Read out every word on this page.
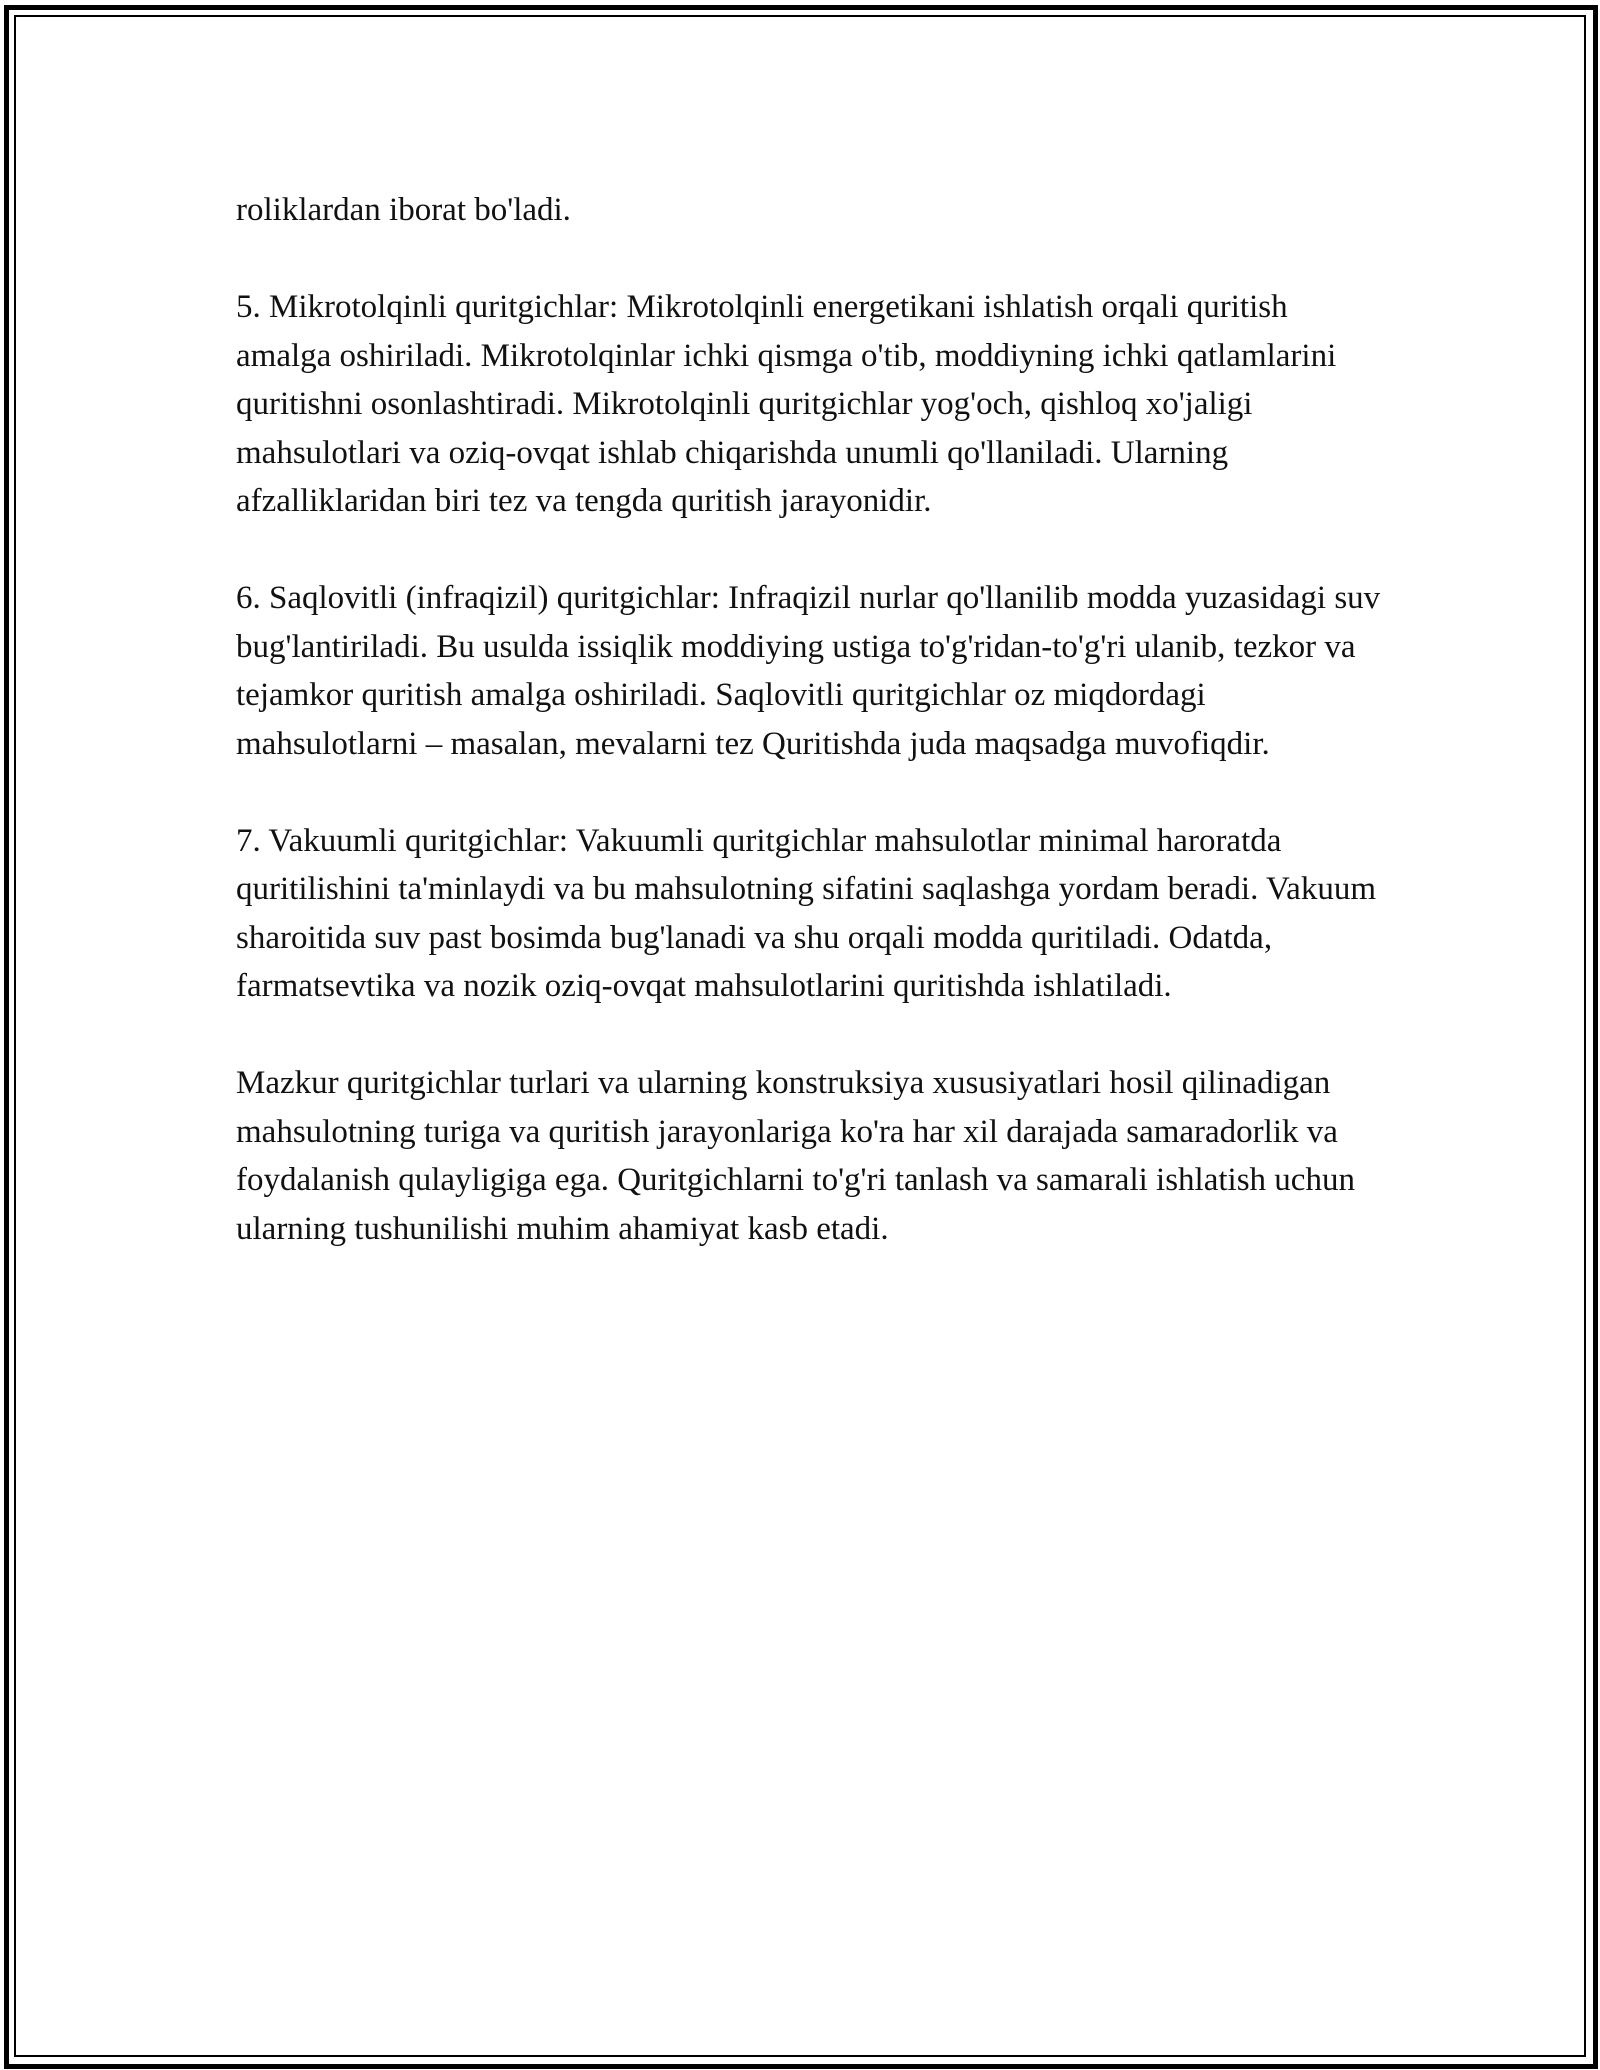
roliklardan iborat bo'ladi.

5. Mikrotolqinli quritgichlar: Mikrotolqinli energetikani ishlatish orqali quritish amalga oshiriladi. Mikrotolqinlar ichki qismga o'tib, moddiyning ichki qatlamlarini quritishni osonlashtiradi. Mikrotolqinli quritgichlar yog'och, qishloq xo'jaligi mahsulotlari va oziq-ovqat ishlab chiqarishda unumli qo'llaniladi. Ularning afzalliklaridan biri tez va tengda quritish jarayonidir.

6. Saqlovitli (infraqizil) quritgichlar: Infraqizil nurlar qo'llanilib modda yuzasidagi suv bug'lantiriladi. Bu usulda issiqlik moddiying ustiga to'g'ridan-to'g'ri ulanib, tezkor va tejamkor quritish amalga oshiriladi. Saqlovitli quritgichlar oz miqdordagi mahsulotlarni – masalan, mevalarni tez Quritishda juda maqsadga muvofiqdir.

7. Vakuumli quritgichlar: Vakuumli quritgichlar mahsulotlar minimal haroratda quritilishini ta'minlaydi va bu mahsulotning sifatini saqlashga yordam beradi. Vakuum sharoitida suv past bosimda bug'lanadi va shu orqali modda quritiladi. Odatda, farmatsevtika va nozik oziq-ovqat mahsulotlarini quritishda ishlatiladi.

Mazkur quritgichlar turlari va ularning konstruksiya xususiyatlari hosil qilinadigan mahsulotning turiga va quritish jarayonlariga ko'ra har xil darajada samaradorlik va foydalanish qulayligiga ega. Quritgichlarni to'g'ri tanlash va samarali ishlatish uchun ularning tushunilishi muhim ahamiyat kasb etadi.
